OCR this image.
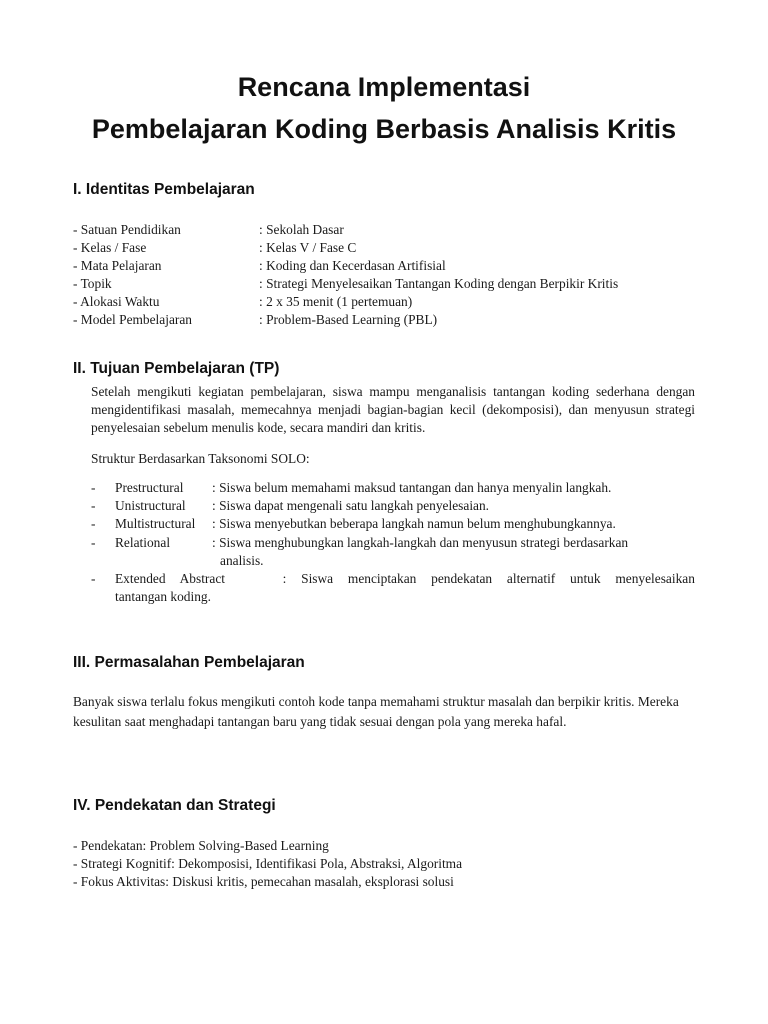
Rencana Implementasi
Pembelajaran Koding Berbasis Analisis Kritis
I. Identitas Pembelajaran
- Satuan Pendidikan	: Sekolah Dasar
- Kelas / Fase	: Kelas V / Fase C
- Mata Pelajaran	: Koding dan Kecerdasan Artifisial
- Topik	: Strategi Menyelesaikan Tantangan Koding dengan Berpikir Kritis
- Alokasi Waktu	: 2 x 35 menit (1 pertemuan)
- Model Pembelajaran	: Problem-Based Learning (PBL)
II. Tujuan Pembelajaran (TP)

Setelah mengikuti kegiatan pembelajaran, siswa mampu menganalisis tantangan koding sederhana dengan mengidentifikasi masalah, memecahnya menjadi bagian-bagian kecil (dekomposisi), dan menyusun strategi penyelesaian sebelum menulis kode, secara mandiri dan kritis.

Struktur Berdasarkan Taksonomi SOLO:

- Prestructural : Siswa belum memahami maksud tantangan dan hanya menyalin langkah.
- Unistructural : Siswa dapat mengenali satu langkah penyelesaian.
- Multistructural : Siswa menyebutkan beberapa langkah namun belum menghubungkannya.
- Relational	: Siswa menghubungkan langkah-langkah dan menyusun strategi berdasarkan
analisis.
- Extended Abstract	: Siswa menciptakan pendekatan alternatif untuk menyelesaikan
tantangan koding.
III. Permasalahan Pembelajaran

Banyak siswa terlalu fokus mengikuti contoh kode tanpa memahami struktur masalah dan berpikir kritis. Mereka kesulitan saat menghadapi tantangan baru yang tidak sesuai dengan pola yang mereka hafal.

IV. Pendekatan dan Strategi
- Pendekatan: Problem Solving-Based Learning
- Strategi Kognitif: Dekomposisi, Identifikasi Pola, Abstraksi, Algoritma
- Fokus Aktivitas: Diskusi kritis, pemecahan masalah, eksplorasi solusi
